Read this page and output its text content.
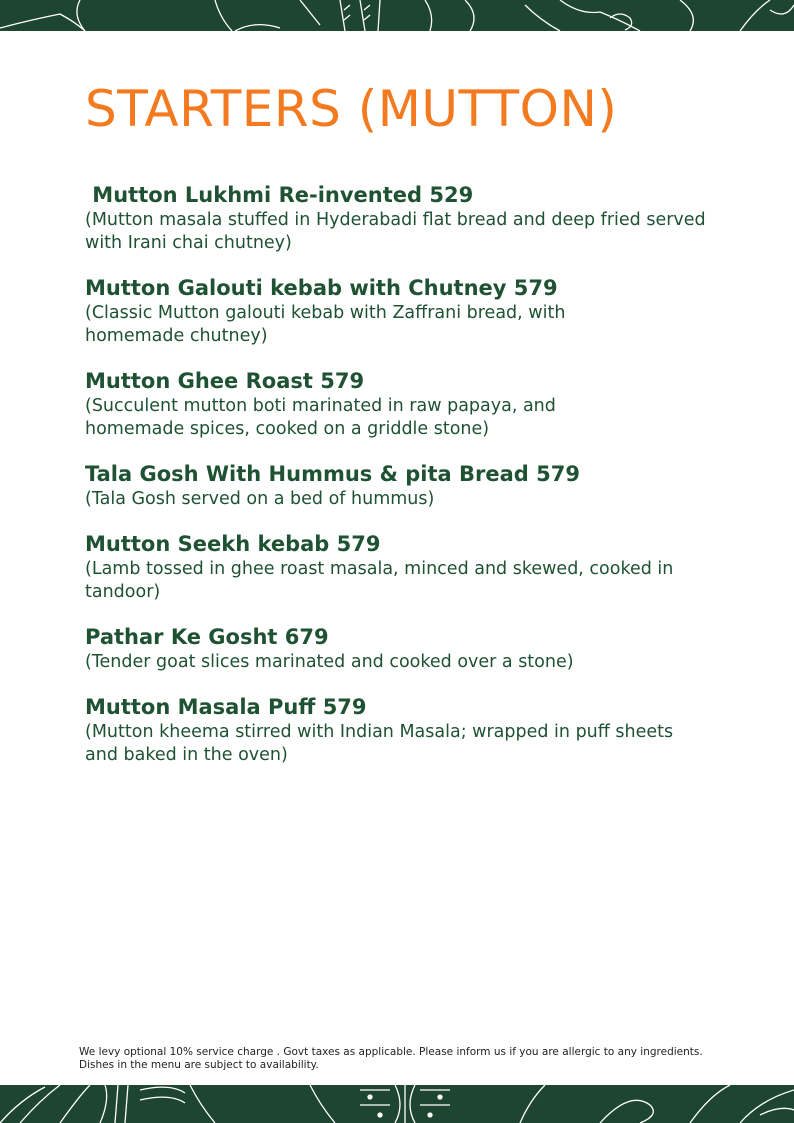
STARTERS (MUTTON)
Mutton Lukhmi Re-invented 529
(Mutton masala stuffed in Hyderabadi flat bread and deep fried served with Irani chai chutney)
Mutton Galouti kebab with Chutney 579
(Classic Mutton galouti kebab with Zaffrani bread, with homemade chutney)
Mutton Ghee Roast 579
(Succulent mutton boti marinated in raw papaya, and homemade spices, cooked on a griddle stone)
Tala Gosh With Hummus & pita Bread 579
(Tala Gosh served on a bed of hummus)
Mutton Seekh kebab 579
(Lamb tossed in ghee roast masala, minced and skewed, cooked in tandoor)
Pathar Ke Gosht 679
(Tender goat slices marinated and cooked over a stone)
Mutton Masala Puff 579
(Mutton kheema stirred with Indian Masala; wrapped in puff sheets and baked in the oven)
We levy optional 10% service charge . Govt taxes as applicable. Please inform us if you are allergic to any ingredients.
Dishes in the menu are subject to availability.
